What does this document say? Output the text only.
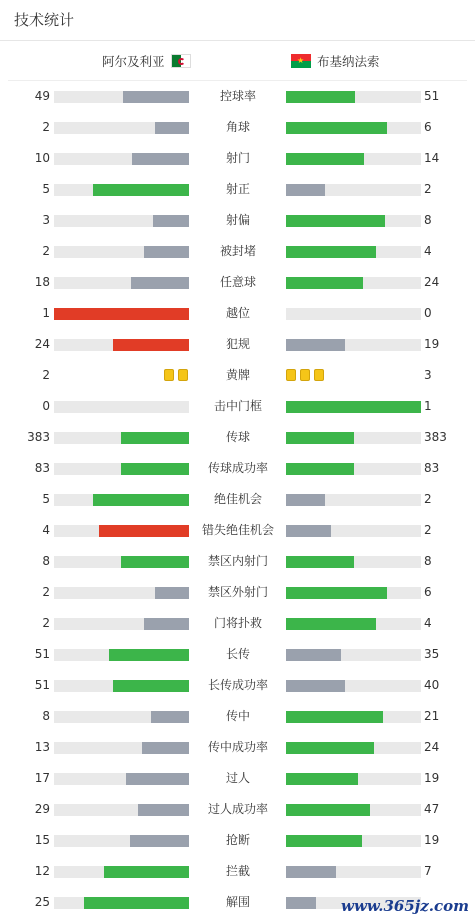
技术统计
阿尔及利亚
★	布基纳法索
49	控球率	51
2	角球	6
10	射门	14
5	射正	2
3	射偏	8
2	被封堵	4
18	任意球	24
1	越位	0
24	犯规	19
2	黄牌	3
0	击中门框	1
383	传球	383
83	传球成功率	83
5	绝佳机会	2
4	错失绝佳机会	2
8	禁区内射门	8
2	禁区外射门	6
2	门将扑救	4
51	长传	35
51	长传成功率	40
8	传中	21
13	传中成功率	24
17	过人	19
29	过人成功率	47
15	抢断	19
12	拦截	7
25	解围	www.365jz.com
